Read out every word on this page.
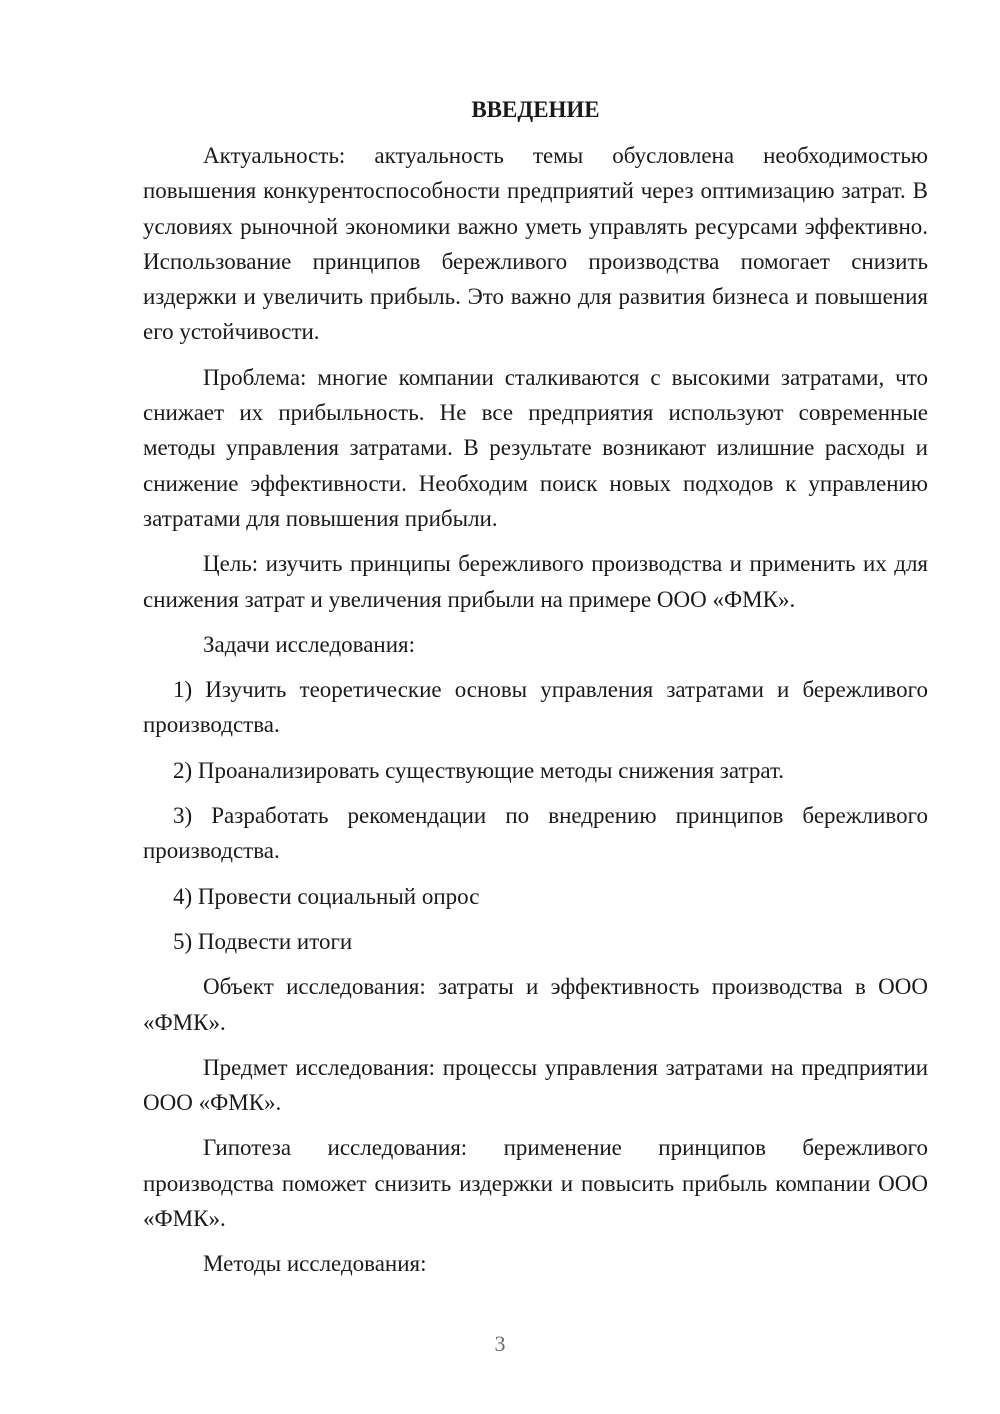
ВВЕДЕНИЕ

Актуальность: актуальность темы обусловлена необходимостью повышения конкурентоспособности предприятий через оптимизацию затрат. В условиях рыночной экономики важно уметь управлять ресурсами эффективно. Использование принципов бережливого производства помогает снизить издержки и увеличить прибыль. Это важно для развития бизнеса и повышения его устойчивости.

Проблема: многие компании сталкиваются с высокими затратами, что снижает их прибыльность. Не все предприятия используют современные методы управления затратами. В результате возникают излишние расходы и снижение эффективности. Необходим поиск новых подходов к управлению затратами для повышения прибыли.

Цель: изучить принципы бережливого производства и применить их для снижения затрат и увеличения прибыли на примере ООО «ФМК».

Задачи исследования:

1) Изучить теоретические основы управления затратами и бережливого производства.

2) Проанализировать существующие методы снижения затрат.

3) Разработать рекомендации по внедрению принципов бережливого производства.

4) Провести социальный опрос

5) Подвести итоги

Объект исследования: затраты и эффективность производства в ООО «ФМК».

Предмет исследования: процессы управления затратами на предприятии ООО «ФМК».

Гипотеза исследования: применение принципов бережливого производства поможет снизить издержки и повысить прибыль компании ООО «ФМК».

Методы исследования:

3
